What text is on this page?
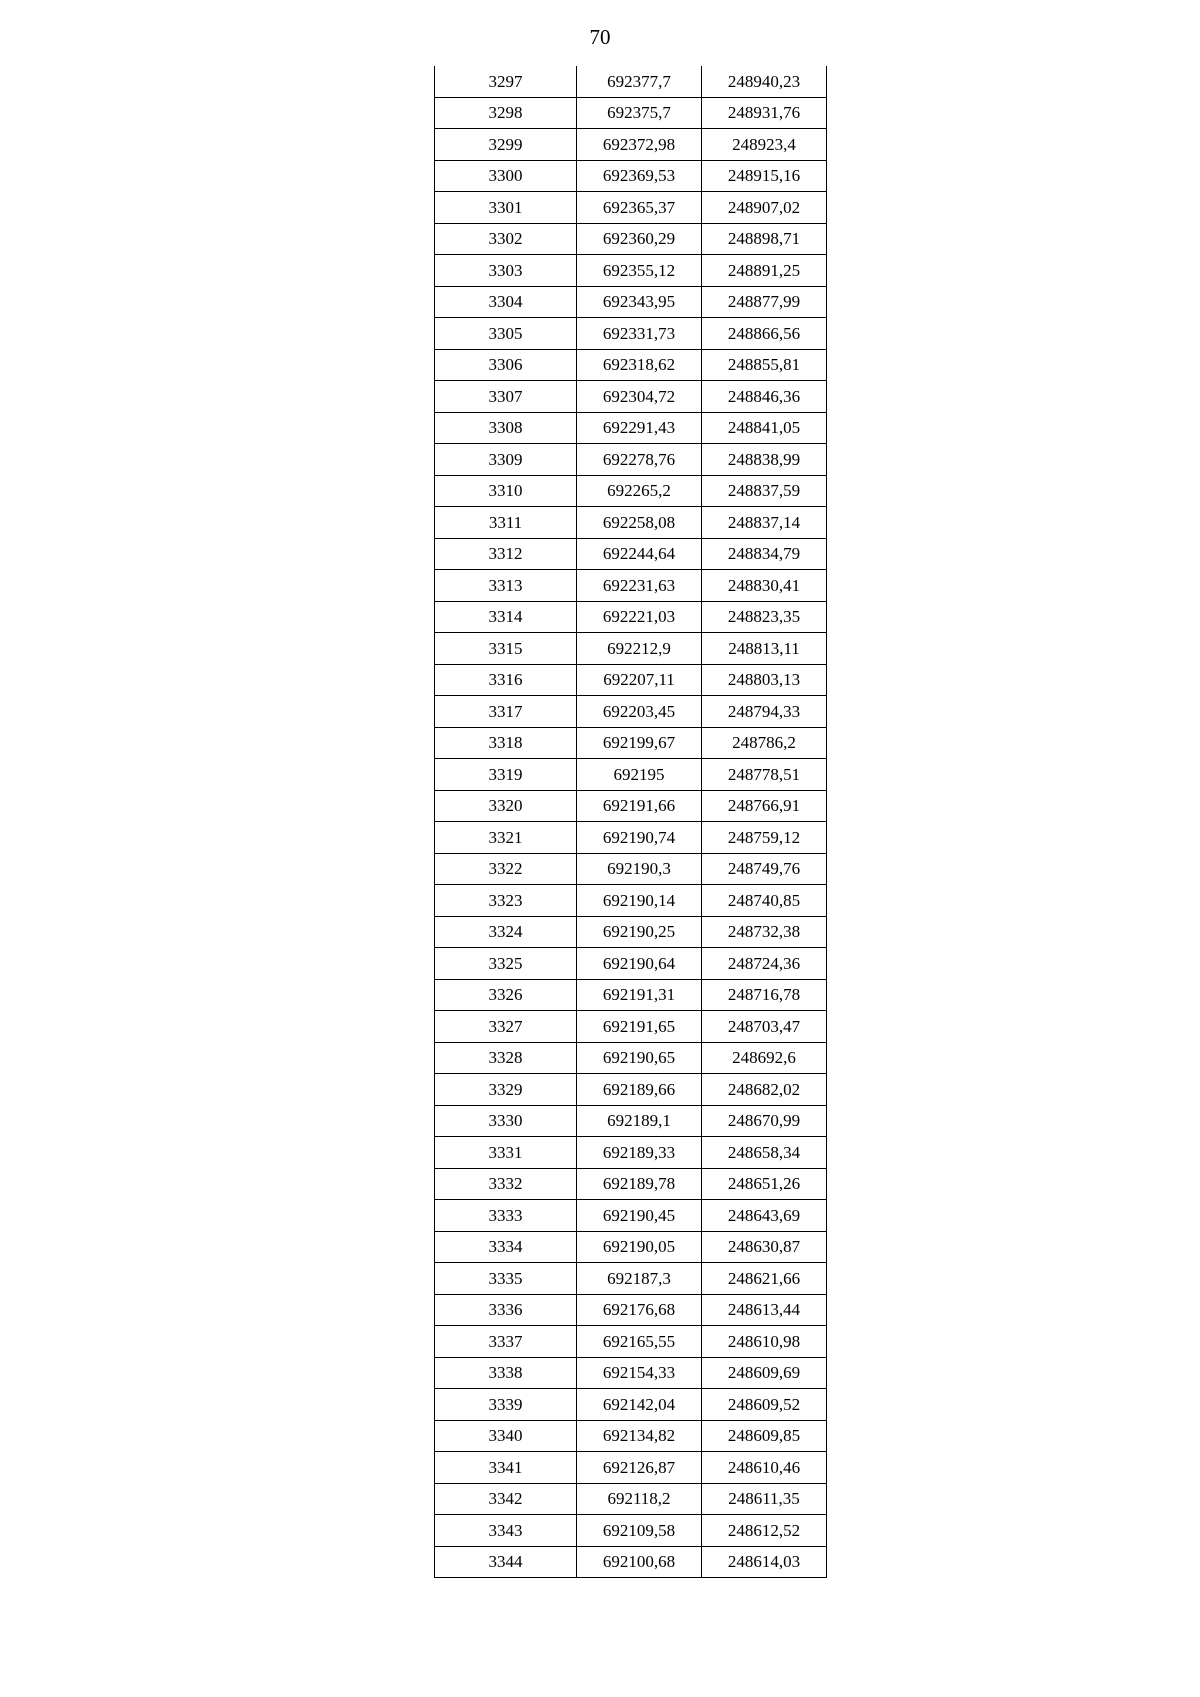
70
3297	692377,7	248940,23
3298	692375,7	248931,76
3299	692372,98	248923,4
3300	692369,53	248915,16
3301	692365,37	248907,02
3302	692360,29	248898,71
3303	692355,12	248891,25
3304	692343,95	248877,99
3305	692331,73	248866,56
3306	692318,62	248855,81
3307	692304,72	248846,36
3308	692291,43	248841,05
3309	692278,76	248838,99
3310	692265,2	248837,59
3311	692258,08	248837,14
3312	692244,64	248834,79
3313	692231,63	248830,41
3314	692221,03	248823,35
3315	692212,9	248813,11
3316	692207,11	248803,13
3317	692203,45	248794,33
3318	692199,67	248786,2
3319	692195	248778,51
3320	692191,66	248766,91
3321	692190,74	248759,12
3322	692190,3	248749,76
3323	692190,14	248740,85
3324	692190,25	248732,38
3325	692190,64	248724,36
3326	692191,31	248716,78
3327	692191,65	248703,47
3328	692190,65	248692,6
3329	692189,66	248682,02
3330	692189,1	248670,99
3331	692189,33	248658,34
3332	692189,78	248651,26
3333	692190,45	248643,69
3334	692190,05	248630,87
3335	692187,3	248621,66
3336	692176,68	248613,44
3337	692165,55	248610,98
3338	692154,33	248609,69
3339	692142,04	248609,52
3340	692134,82	248609,85
3341	692126,87	248610,46
3342	692118,2	248611,35
3343	692109,58	248612,52
3344	692100,68	248614,03
